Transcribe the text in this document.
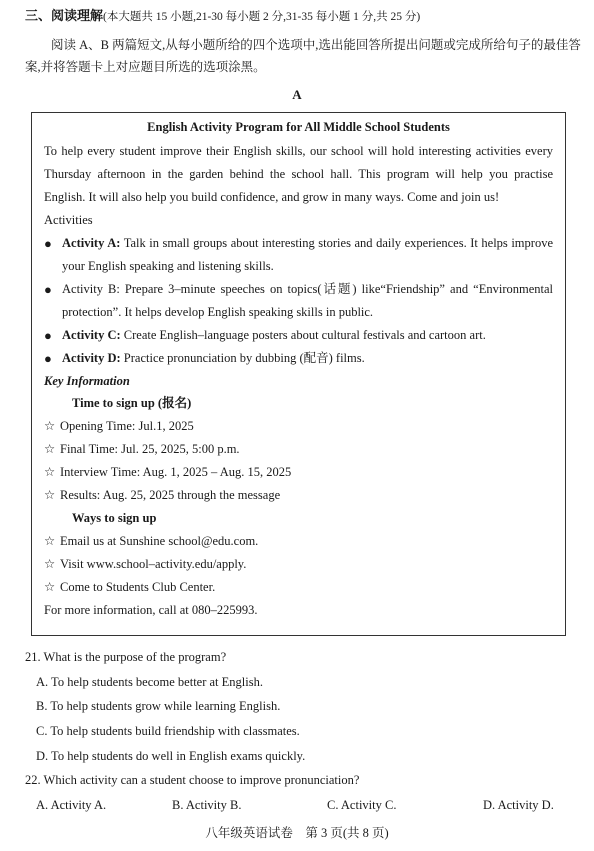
三、阅读理解(本大题共 15 小题,21-30 每小题 2 分,31-35 每小题 1 分,共 25 分)
阅读 A、B 两篇短文,从每小题所给的四个选项中,选出能回答所提出问题或完成所给句子的最佳答案,并将答题卡上对应题目所选的选项涂黑。
A
English Activity Program for All Middle School Students

To help every student improve their English skills, our school will hold interesting activities every Thursday afternoon in the garden behind the school hall. This program will help you practise English. It will also help you build confidence, and grow in many ways. Come and join us!

Activities
● Activity A: Talk in small groups about interesting stories and daily experiences. It helps improve your English speaking and listening skills.
● Activity B: Prepare 3–minute speeches on topics(话题) like“Friendship” and “Environmental protection”. It helps develop English speaking skills in public.
● Activity C: Create English–language posters about cultural festivals and cartoon art.
● Activity D: Practice pronunciation by dubbing (配音) films.
Key Information
Time to sign up (报名)
☆ Opening Time: Jul.1, 2025
☆ Final Time: Jul. 25, 2025, 5:00 p.m.
☆ Interview Time: Aug. 1, 2025 – Aug. 15, 2025
☆ Results: Aug. 25, 2025 through the message
Ways to sign up
☆ Email us at Sunshine school@edu.com.
☆ Visit www.school–activity.edu/apply.
☆ Come to Students Club Center.
For more information, call at 080–225993.
21. What is the purpose of the program?
A. To help students become better at English.
B. To help students grow while learning English.
C. To help students build friendship with classmates.
D. To help students do well in English exams quickly.
22. Which activity can a student choose to improve pronunciation?
A. Activity A.	B. Activity B.	C. Activity C.	D. Activity D.
八年级英语试卷　第 3 页(共 8 页)
